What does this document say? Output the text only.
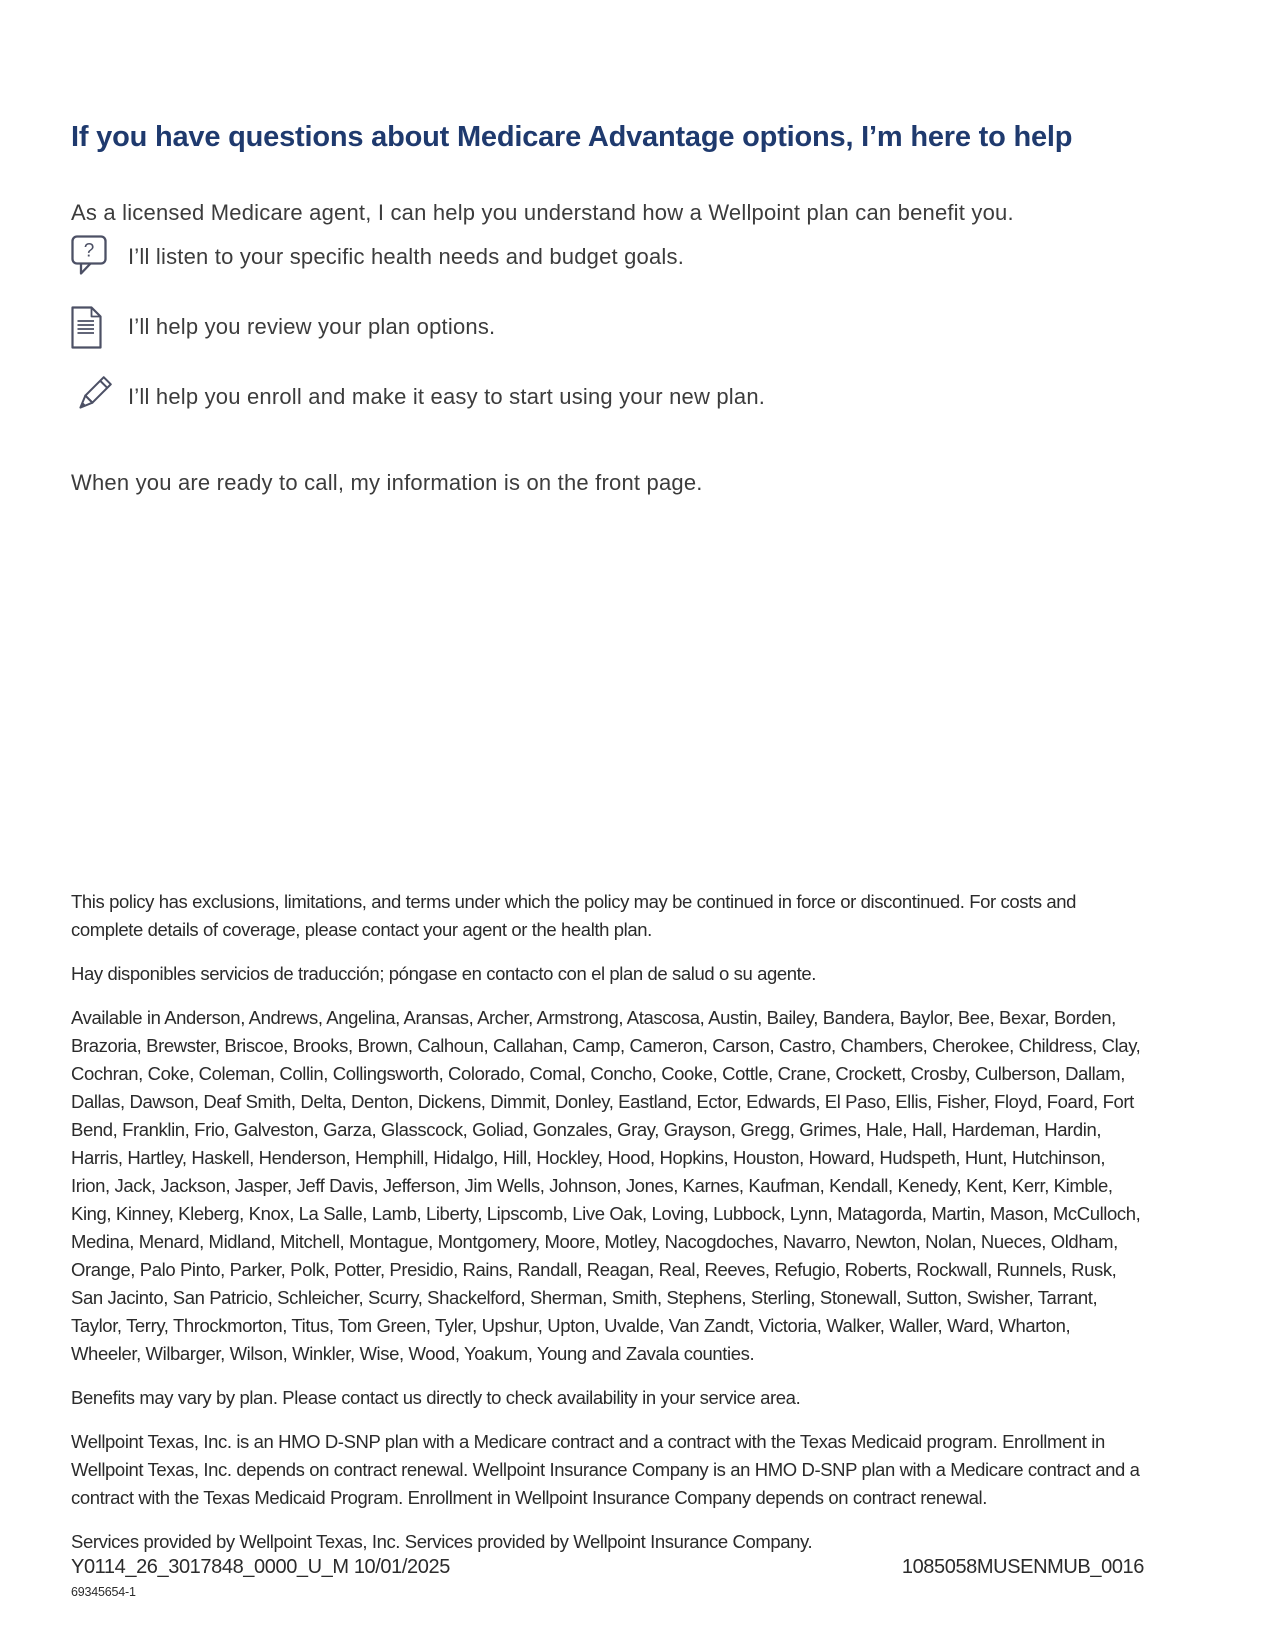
If you have questions about Medicare Advantage options, I’m here to help

As a licensed Medicare agent, I can help you understand how a Wellpoint plan can benefit you.

? I’ll listen to your specific health needs and budget goals.
I’ll help you review your plan options.
I’ll help you enroll and make it easy to start using your new plan.

When you are ready to call, my information is on the front page.

This policy has exclusions, limitations, and terms under which the policy may be continued in force or discontinued. For costs and complete details of coverage, please contact your agent or the health plan.

Hay disponibles servicios de traducción; póngase en contacto con el plan de salud o su agente.

Available in Anderson, Andrews, Angelina, Aransas, Archer, Armstrong, Atascosa, Austin, Bailey, Bandera, Baylor, Bee, Bexar, Borden, Brazoria, Brewster, Briscoe, Brooks, Brown, Calhoun, Callahan, Camp, Cameron, Carson, Castro, Chambers, Cherokee, Childress, Clay, Cochran, Coke, Coleman, Collin, Collingsworth, Colorado, Comal, Concho, Cooke, Cottle, Crane, Crockett, Crosby, Culberson, Dallam, Dallas, Dawson, Deaf Smith, Delta, Denton, Dickens, Dimmit, Donley, Eastland, Ector, Edwards, El Paso, Ellis, Fisher, Floyd, Foard, Fort Bend, Franklin, Frio, Galveston, Garza, Glasscock, Goliad, Gonzales, Gray, Grayson, Gregg, Grimes, Hale, Hall, Hardeman, Hardin, Harris, Hartley, Haskell, Henderson, Hemphill, Hidalgo, Hill, Hockley, Hood, Hopkins, Houston, Howard, Hudspeth, Hunt, Hutchinson, Irion, Jack, Jackson, Jasper, Jeff Davis, Jefferson, Jim Wells, Johnson, Jones, Karnes, Kaufman, Kendall, Kenedy, Kent, Kerr, Kimble, King, Kinney, Kleberg, Knox, La Salle, Lamb, Liberty, Lipscomb, Live Oak, Loving, Lubbock, Lynn, Matagorda, Martin, Mason, McCulloch, Medina, Menard, Midland, Mitchell, Montague, Montgomery, Moore, Motley, Nacogdoches, Navarro, Newton, Nolan, Nueces, Oldham, Orange, Palo Pinto, Parker, Polk, Potter, Presidio, Rains, Randall, Reagan, Real, Reeves, Refugio, Roberts, Rockwall, Runnels, Rusk, San Jacinto, San Patricio, Schleicher, Scurry, Shackelford, Sherman, Smith, Stephens, Sterling, Stonewall, Sutton, Swisher, Tarrant, Taylor, Terry, Throckmorton, Titus, Tom Green, Tyler, Upshur, Upton, Uvalde, Van Zandt, Victoria, Walker, Waller, Ward, Wharton, Wheeler, Wilbarger, Wilson, Winkler, Wise, Wood, Yoakum, Young and Zavala counties.

Benefits may vary by plan. Please contact us directly to check availability in your service area.

Wellpoint Texas, Inc. is an HMO D-SNP plan with a Medicare contract and a contract with the Texas Medicaid program. Enrollment in Wellpoint Texas, Inc. depends on contract renewal. Wellpoint Insurance Company is an HMO D-SNP plan with a Medicare contract and a contract with the Texas Medicaid Program. Enrollment in Wellpoint Insurance Company depends on contract renewal.

Services provided by Wellpoint Texas, Inc. Services provided by Wellpoint Insurance Company.

Y0114_26_3017848_0000_U_M 10/01/2025
69345654-1
1085058MUSENMUB_0016
